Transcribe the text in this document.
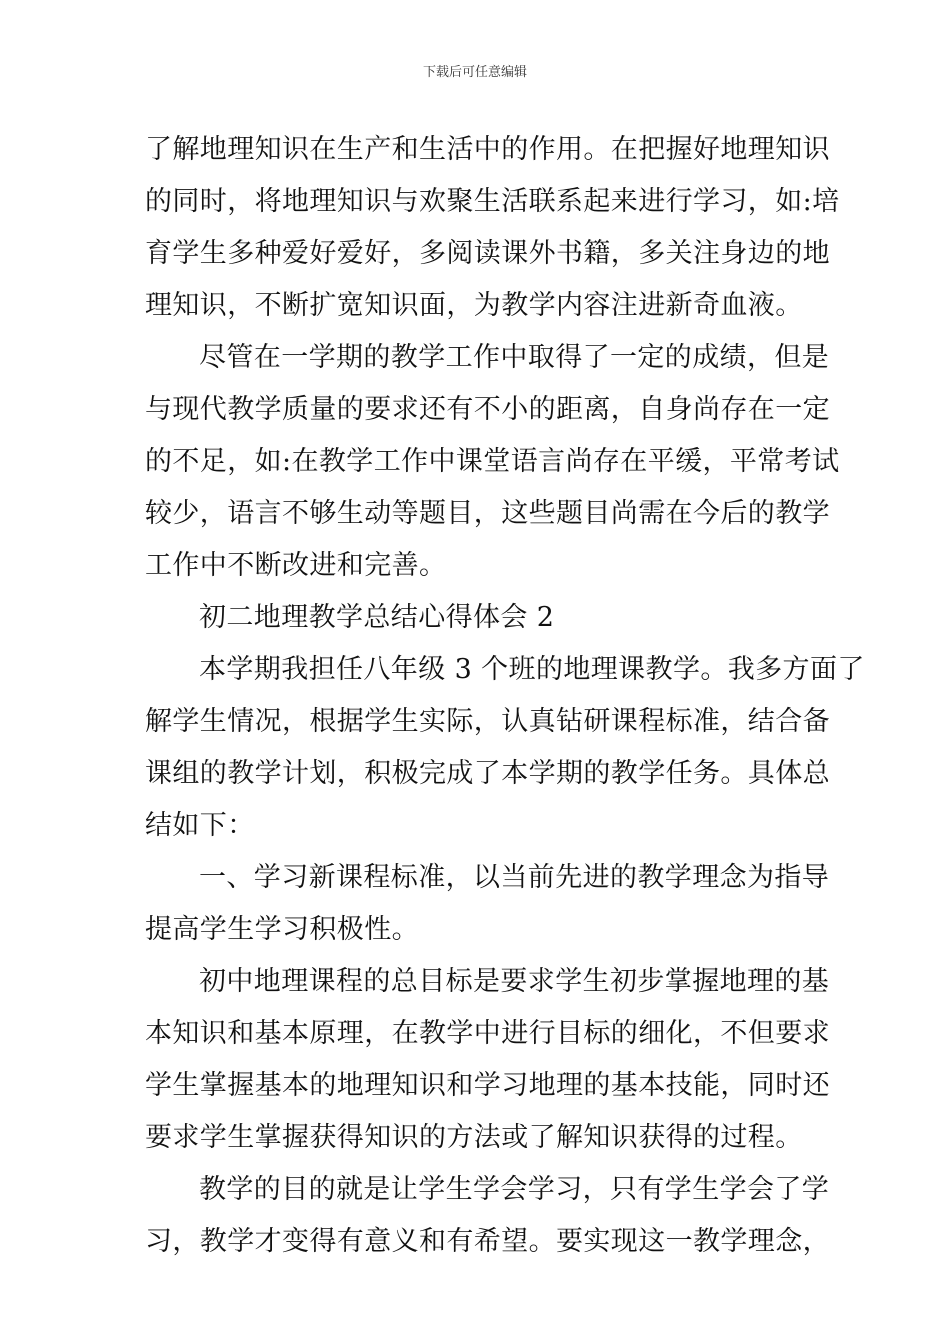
下载后可任意编辑
了解地理知识在生产和生活中的作用。在把握好地理知识
的同时，将地理知识与欢聚生活联系起来进行学习，如:培
育学生多种爱好爱好，多阅读课外书籍，多关注身边的地
理知识，不断扩宽知识面，为教学内容注进新奇血液。
尽管在一学期的教学工作中取得了一定的成绩，但是
与现代教学质量的要求还有不小的距离，自身尚存在一定
的不足，如:在教学工作中课堂语言尚存在平缓，平常考试
较少，语言不够生动等题目，这些题目尚需在今后的教学
工作中不断改进和完善。
初二地理教学总结心得体会 2
本学期我担任八年级 3 个班的地理课教学。我多方面了
解学生情况，根据学生实际，认真钻研课程标准，结合备
课组的教学计划，积极完成了本学期的教学任务。具体总
结如下：
一、学习新课程标准，以当前先进的教学理念为指导
提高学生学习积极性。
初中地理课程的总目标是要求学生初步掌握地理的基
本知识和基本原理，在教学中进行目标的细化，不但要求
学生掌握基本的地理知识和学习地理的基本技能，同时还
要求学生掌握获得知识的方法或了解知识获得的过程。
教学的目的就是让学生学会学习，只有学生学会了学
习，教学才变得有意义和有希望。要实现这一教学理念，
